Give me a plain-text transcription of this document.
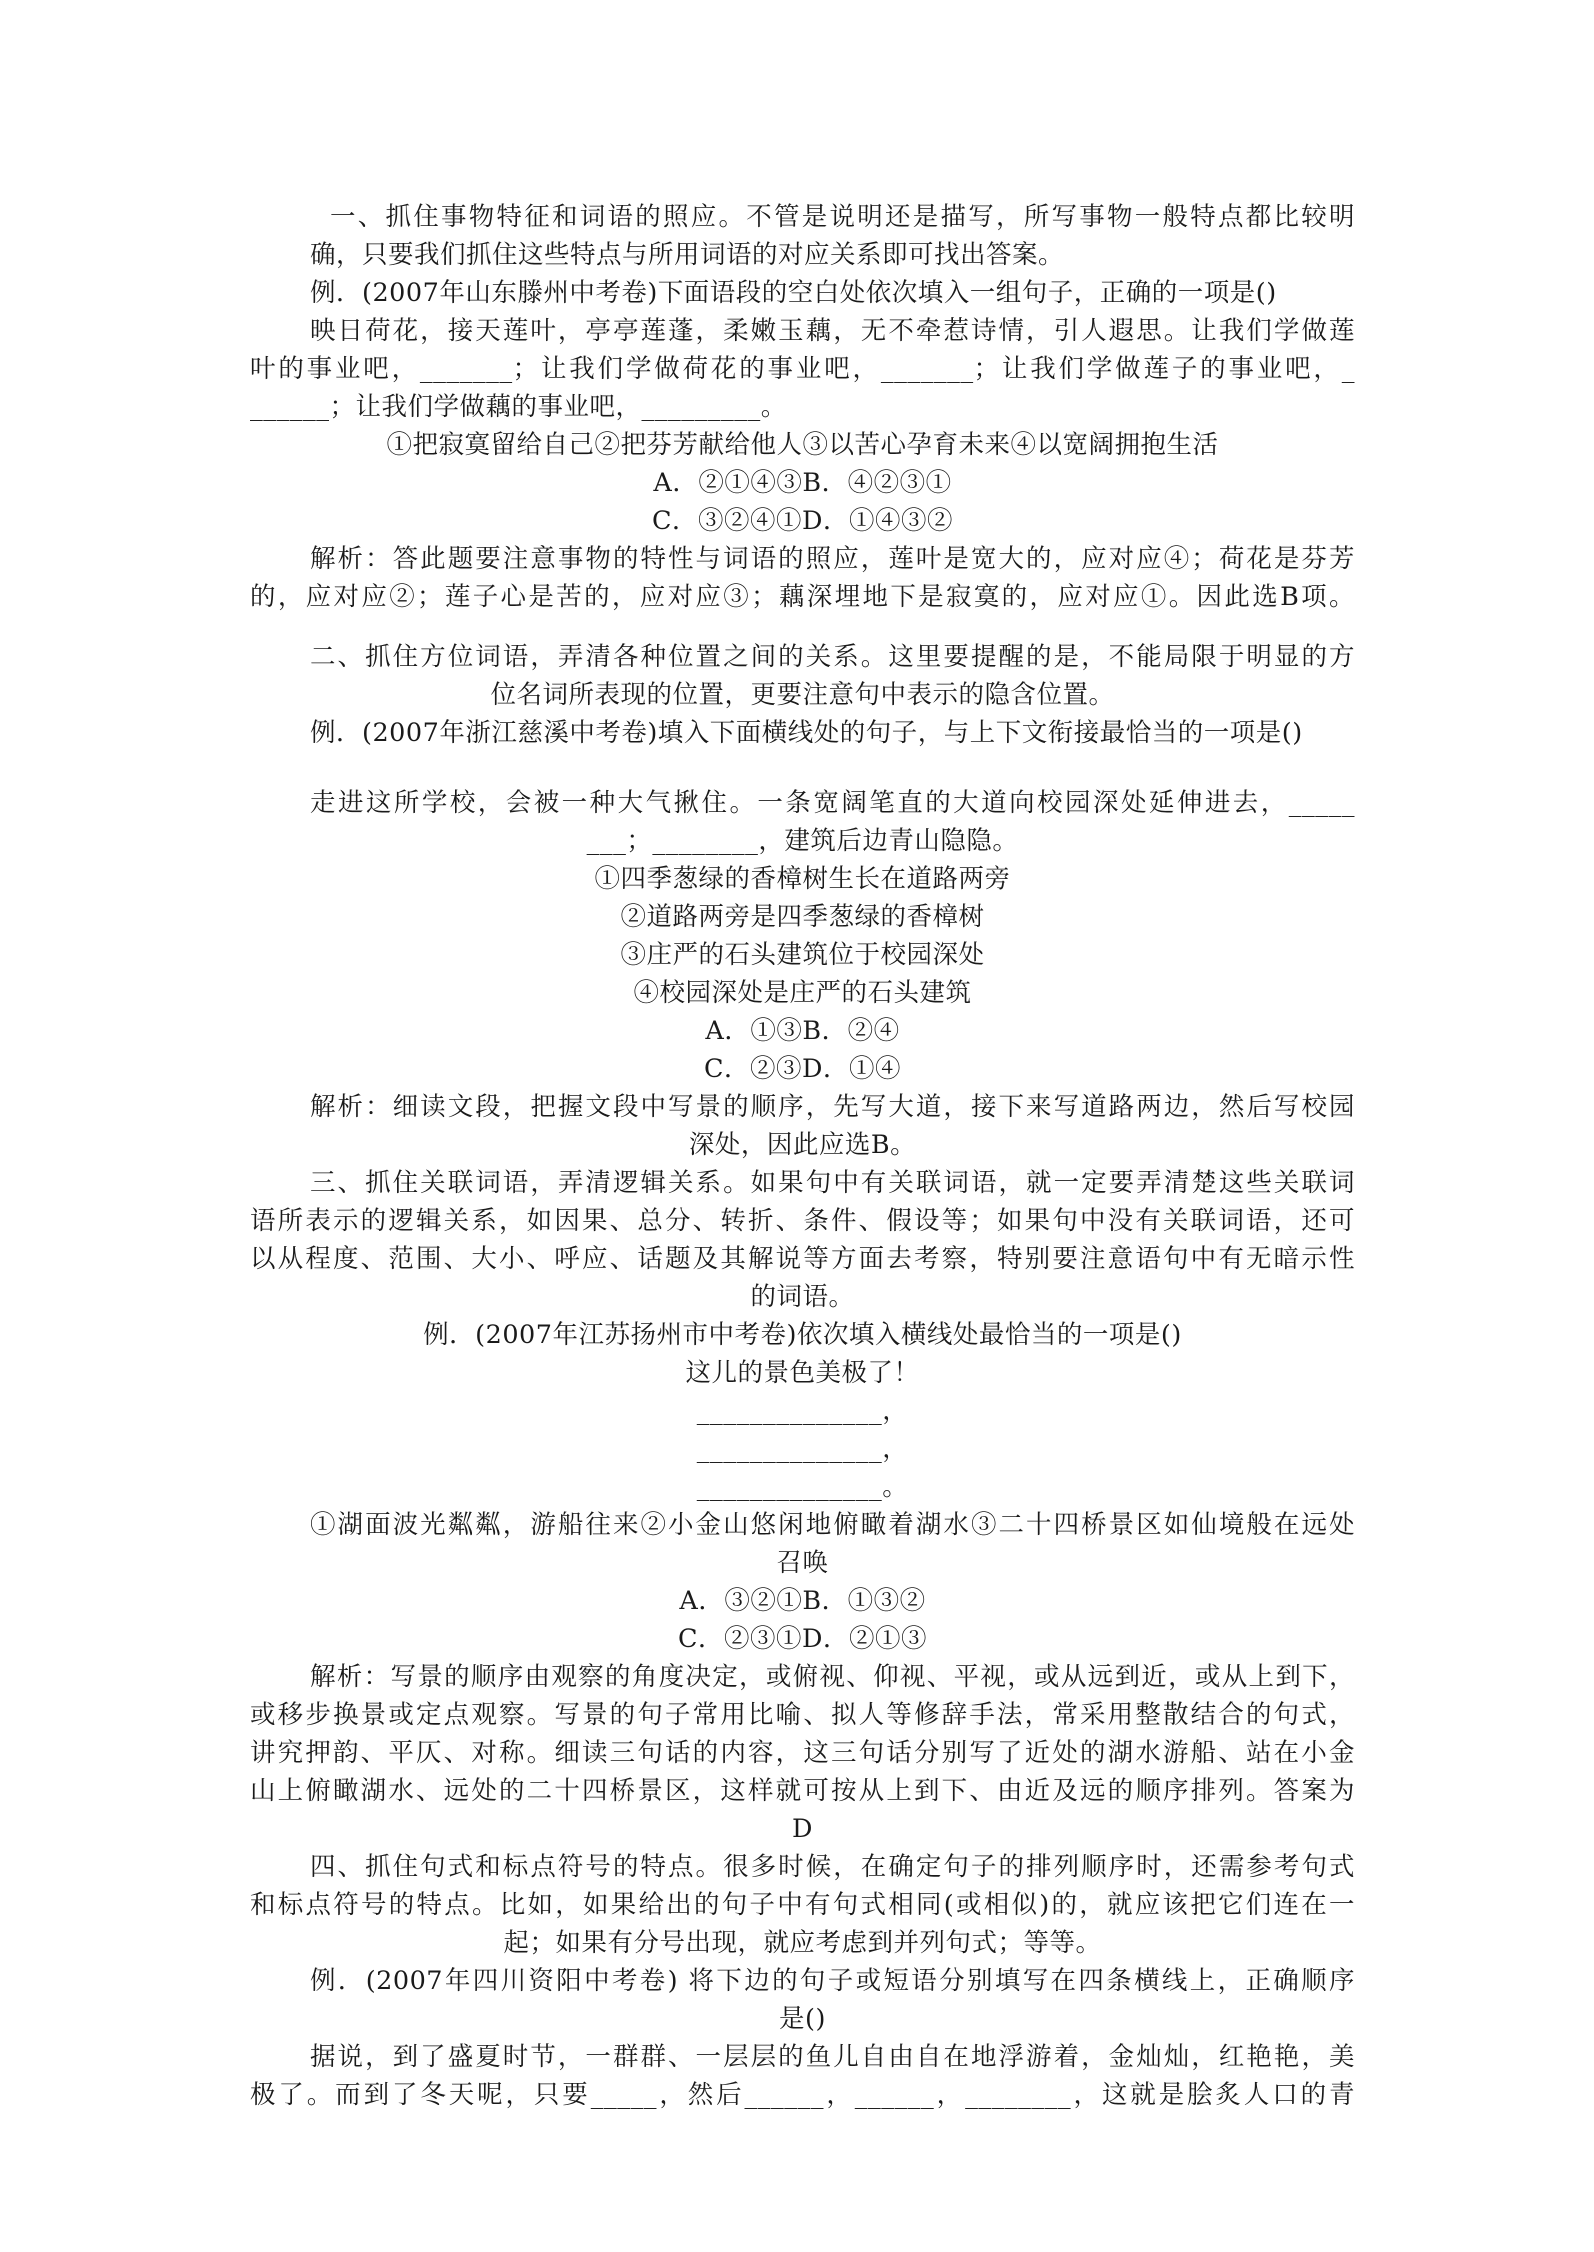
一、抓住事物特征和词语的照应。不管是说明还是描写，所写事物一般特点都比较明
确，只要我们抓住这些特点与所用词语的对应关系即可找出答案。
例．(2007年山东滕州中考卷)下面语段的空白处依次填入一组句子，正确的一项是()
映日荷花，接天莲叶，亭亭莲蓬，柔嫩玉藕，无不牵惹诗情，引人遐思。让我们学做莲
叶的事业吧，_______；让我们学做荷花的事业吧，_______；让我们学做莲子的事业吧，_
______；让我们学做藕的事业吧，_________。
①把寂寞留给自己②把芬芳献给他人③以苦心孕育未来④以宽阔拥抱生活
A．②①④③B．④②③①
C．③②④①D．①④③②
解析：答此题要注意事物的特性与词语的照应，莲叶是宽大的，应对应④；荷花是芬芳
的，应对应②；莲子心是苦的，应对应③；藕深埋地下是寂寞的，应对应①。因此选B项。
二、抓住方位词语，弄清各种位置之间的关系。这里要提醒的是，不能局限于明显的方
位名词所表现的位置，更要注意句中表示的隐含位置。
例．(2007年浙江慈溪中考卷)填入下面横线处的句子，与上下文衔接最恰当的一项是()
走进这所学校，会被一种大气揪住。一条宽阔笔直的大道向校园深处延伸进去，_____
___；________，建筑后边青山隐隐。
①四季葱绿的香樟树生长在道路两旁
②道路两旁是四季葱绿的香樟树
③庄严的石头建筑位于校园深处
④校园深处是庄严的石头建筑
A．①③B．②④
C．②③D．①④
解析：细读文段，把握文段中写景的顺序，先写大道，接下来写道路两边，然后写校园
深处，因此应选B。
三、抓住关联词语，弄清逻辑关系。如果句中有关联词语，就一定要弄清楚这些关联词
语所表示的逻辑关系，如因果、总分、转折、条件、假设等；如果句中没有关联词语，还可
以从程度、范围、大小、呼应、话题及其解说等方面去考察，特别要注意语句中有无暗示性
的词语。
例．(2007年江苏扬州市中考卷)依次填入横线处最恰当的一项是()
这儿的景色美极了！
______________，
______________，
______________。
①湖面波光粼粼，游船往来②小金山悠闲地俯瞰着湖水③二十四桥景区如仙境般在远处
召唤
A．③②①B．①③②
C．②③①D．②①③
解析：写景的顺序由观察的角度决定，或俯视、仰视、平视，或从远到近，或从上到下，
或移步换景或定点观察。写景的句子常用比喻、拟人等修辞手法，常采用整散结合的句式，
讲究押韵、平仄、对称。细读三句话的内容，这三句话分别写了近处的湖水游船、站在小金
山上俯瞰湖水、远处的二十四桥景区，这样就可按从上到下、由近及远的顺序排列。答案为
D
四、抓住句式和标点符号的特点。很多时候，在确定句子的排列顺序时，还需参考句式
和标点符号的特点。比如，如果给出的句子中有句式相同(或相似)的，就应该把它们连在一
起；如果有分号出现，就应考虑到并列句式；等等。
例．(2007年四川资阳中考卷) 将下边的句子或短语分别填写在四条横线上，正确顺序
是()
据说，到了盛夏时节，一群群、一层层的鱼儿自由自在地浮游着，金灿灿，红艳艳，美
极了。而到了冬天呢，只要_____，然后______，______，________，这就是脍炙人口的青
